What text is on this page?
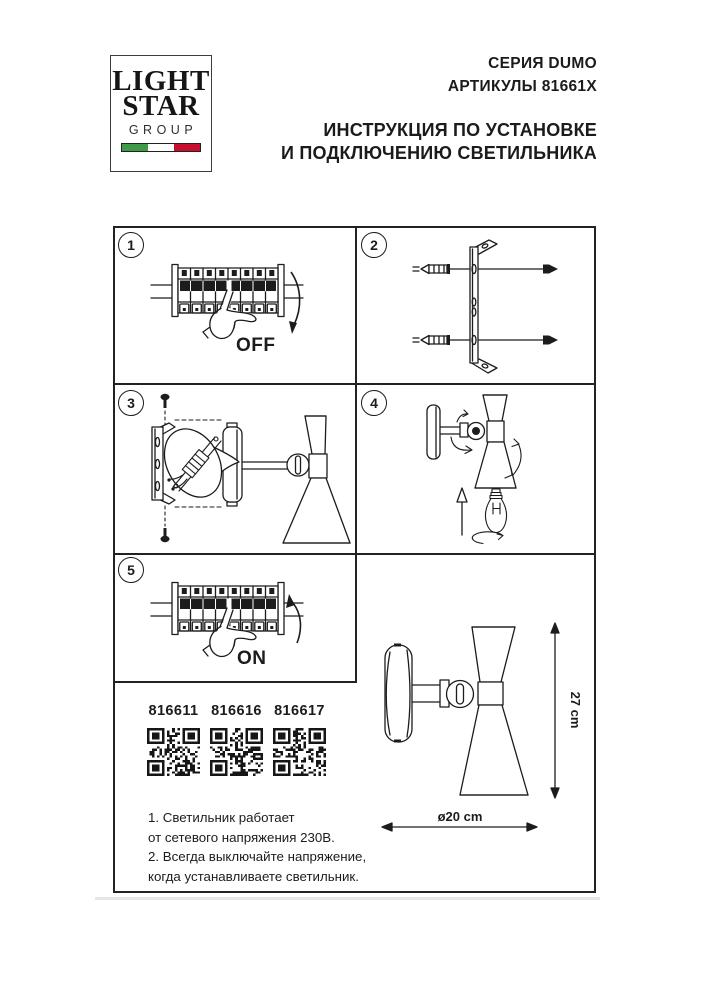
LIGHT
STAR
GROUP
СЕРИЯ DUMO
АРТИКУЛЫ 81661X
ИНСТРУКЦИЯ ПО УСТАНОВКЕ
И ПОДКЛЮЧЕНИЮ СВЕТИЛЬНИКА
1	2
3	4
5
OFF
ON
27 cm
ø20 cm
816611 816616 816617
1. Светильник работает
от сетевого напряжения 230В.
2. Всегда выключайте напряжение,
когда устанавливаете светильник.
